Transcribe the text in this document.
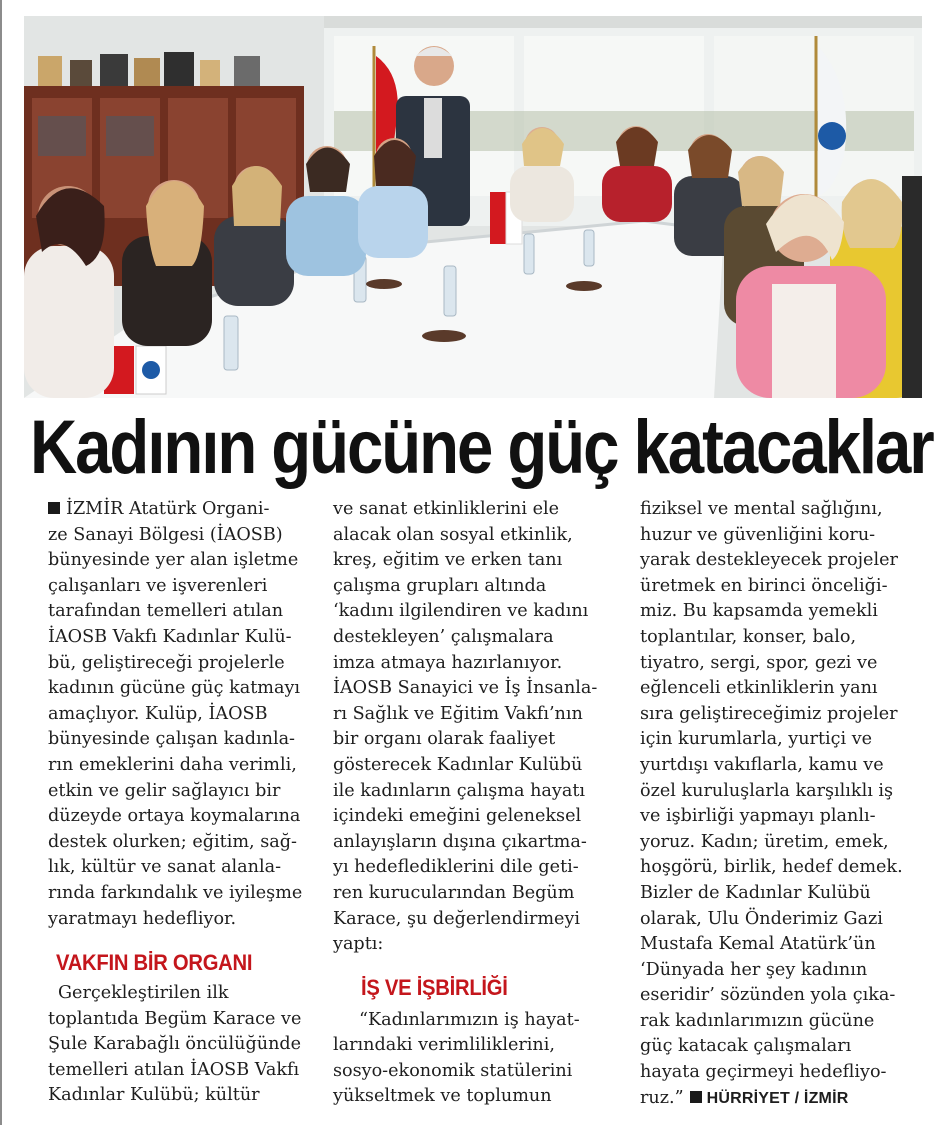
Kadının gücüne güç katacaklar

İZMİR Atatürk Organi-
ze Sanayi Bölgesi (İAOSB)
bünyesinde yer alan işletme
çalışanları ve işverenleri
tarafından temelleri atılan
İAOSB Vakfı Kadınlar Kulü-
bü, geliştireceği projelerle
kadının gücüne güç katmayı
amaçlıyor. Kulüp, İAOSB
bünyesinde çalışan kadınla-
rın emeklerini daha verimli,
etkin ve gelir sağlayıcı bir
düzeyde ortaya koymalarına
destek olurken; eğitim, sağ-
lık, kültür ve sanat alanla-
rında farkındalık ve iyileşme
yaratmayı hedefliyor.

VAKFIN BİR ORGANI

Gerçekleştirilen ilk
toplantıda Begüm Karace ve
Şule Karabağlı öncülüğünde
temelleri atılan İAOSB Vakfı
Kadınlar Kulübü; kültür

ve sanat etkinliklerini ele
alacak olan sosyal etkinlik,
kreş, eğitim ve erken tanı
çalışma grupları altında
‘kadını ilgilendiren ve kadını
destekleyen’ çalışmalara
imza atmaya hazırlanıyor.
İAOSB Sanayici ve İş İnsanla-
rı Sağlık ve Eğitim Vakfı’nın
bir organı olarak faaliyet
gösterecek Kadınlar Kulübü
ile kadınların çalışma hayatı
içindeki emeğini geleneksel
anlayışların dışına çıkartma-
yı hedeflediklerini dile geti-
ren kurucularından Begüm
Karace, şu değerlendirmeyi
yaptı:

İŞ VE İŞBİRLİĞİ

“Kadınlarımızın iş hayat-
larındaki verimliliklerini,
sosyo-ekonomik statülerini
yükseltmek ve toplumun

fiziksel ve mental sağlığını,
huzur ve güvenliğini koru-
yarak destekleyecek projeler
üretmek en birinci önceliği-
miz. Bu kapsamda yemekli
toplantılar, konser, balo,
tiyatro, sergi, spor, gezi ve
eğlenceli etkinliklerin yanı
sıra geliştireceğimiz projeler
için kurumlarla, yurtiçi ve
yurtdışı vakıflarla, kamu ve
özel kuruluşlarla karşılıklı iş
ve işbirliği yapmayı planlı-
yoruz. Kadın; üretim, emek,
hoşgörü, birlik, hedef demek.
Bizler de Kadınlar Kulübü
olarak, Ulu Önderimiz Gazi
Mustafa Kemal Atatürk’ün
‘Dünyada her şey kadının
eseridir’ sözünden yola çıka-
rak kadınlarımızın gücüne
güç katacak çalışmaları
hayata geçirmeyi hedefliyo-
ruz.” HÜRRİYET / İZMİR
